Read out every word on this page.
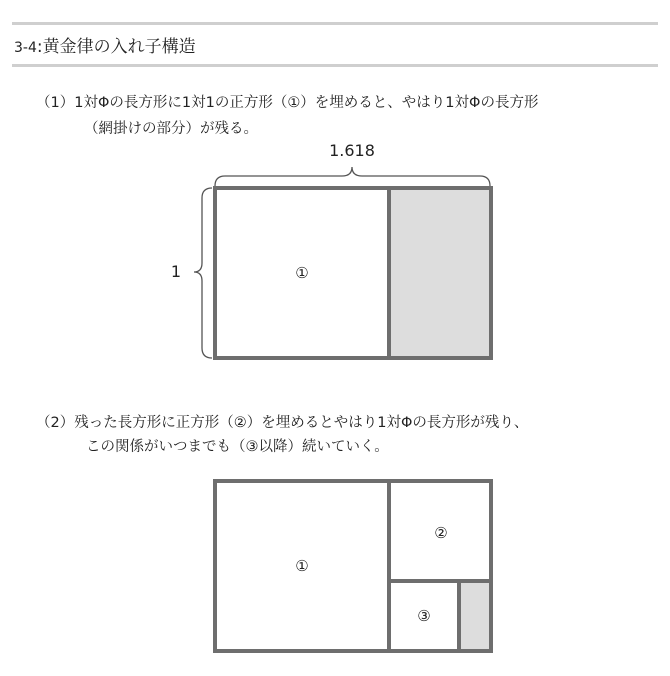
3-4:黄金律の入れ子構造
（1）1対Φの長方形に1対1の正方形（①）を埋めると、やはり1対Φの長方形
（網掛けの部分）が残る。
（2）残った長方形に正方形（②）を埋めるとやはり1対Φの長方形が残り、
この関係がいつまでも（③以降）続いていく。
1.618
1	①
①
②
③
